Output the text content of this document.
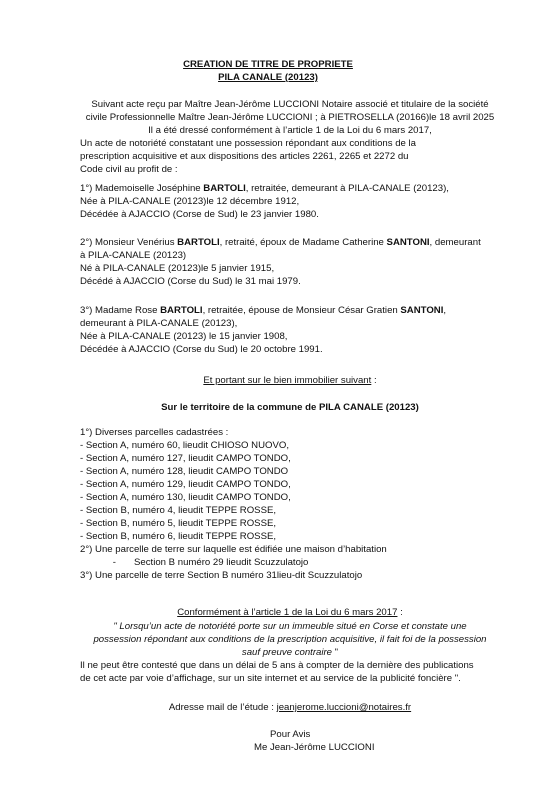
CREATION DE TITRE DE PROPRIETE
PILA CANALE (20123)
Suivant acte reçu par Maître Jean-Jérôme LUCCIONI Notaire associé et titulaire de la société
civile Professionnelle Maître Jean-Jérôme LUCCIONI ; à PIETROSELLA (20166)le 18 avril 2025
Il a été dressé conformément à l’article 1 de la Loi du 6 mars 2017,
Un acte de notoriété constatant une possession répondant aux conditions de la
prescription acquisitive et aux dispositions des articles 2261, 2265 et 2272 du
Code civil au profit de :
1°) Mademoiselle Joséphine BARTOLI, retraitée, demeurant à PILA-CANALE (20123),
Née à PILA-CANALE (20123)le 12 décembre 1912,
Décédée à AJACCIO (Corse de Sud) le 23 janvier 1980.
2°) Monsieur Venérius BARTOLI, retraité, époux de Madame Catherine SANTONI, demeurant
à PILA-CANALE (20123)
Né à PILA-CANALE (20123)le 5 janvier 1915,
Décédé à AJACCIO (Corse du Sud) le 31 mai 1979.
3°) Madame Rose BARTOLI, retraitée, épouse de Monsieur César Gratien SANTONI,
demeurant à PILA-CANALE (20123),
Née à PILA-CANALE (20123) le 15 janvier 1908,
Décédée à AJACCIO (Corse du Sud) le 20 octobre 1991.
Et portant sur le bien immobilier suivant :
Sur le territoire de la commune de PILA CANALE (20123)
1°) Diverses parcelles cadastrées :
- Section A, numéro 60, lieudit CHIOSO NUOVO,
- Section A, numéro 127, lieudit CAMPO TONDO,
- Section A, numéro 128, lieudit CAMPO TONDO
- Section A, numéro 129, lieudit CAMPO TONDO,
- Section A, numéro 130, lieudit CAMPO TONDO,
- Section B, numéro 4, lieudit TEPPE ROSSE,
- Section B, numéro 5, lieudit TEPPE ROSSE,
- Section B, numéro 6, lieudit TEPPE ROSSE,
2°) Une parcelle de terre sur laquelle est édifiée une maison d’habitation
- Section B numéro 29 lieudit Scuzzulatojo
3°) Une parcelle de terre Section B numéro 31lieu-dit Scuzzulatojo
Conformément à l’article 1 de la Loi du 6 mars 2017 :
" Lorsqu’un acte de notoriété porte sur un immeuble situé en Corse et constate une
possession répondant aux conditions de la prescription acquisitive, il fait foi de la possession
sauf preuve contraire "
Il ne peut être contesté que dans un délai de 5 ans à compter de la dernière des publications
de cet acte par voie d’affichage, sur un site internet et au service de la publicité foncière ".
Adresse mail de l’étude : jeanjerome.luccioni@notaires.fr
Pour Avis
Me Jean-Jérôme LUCCIONI
